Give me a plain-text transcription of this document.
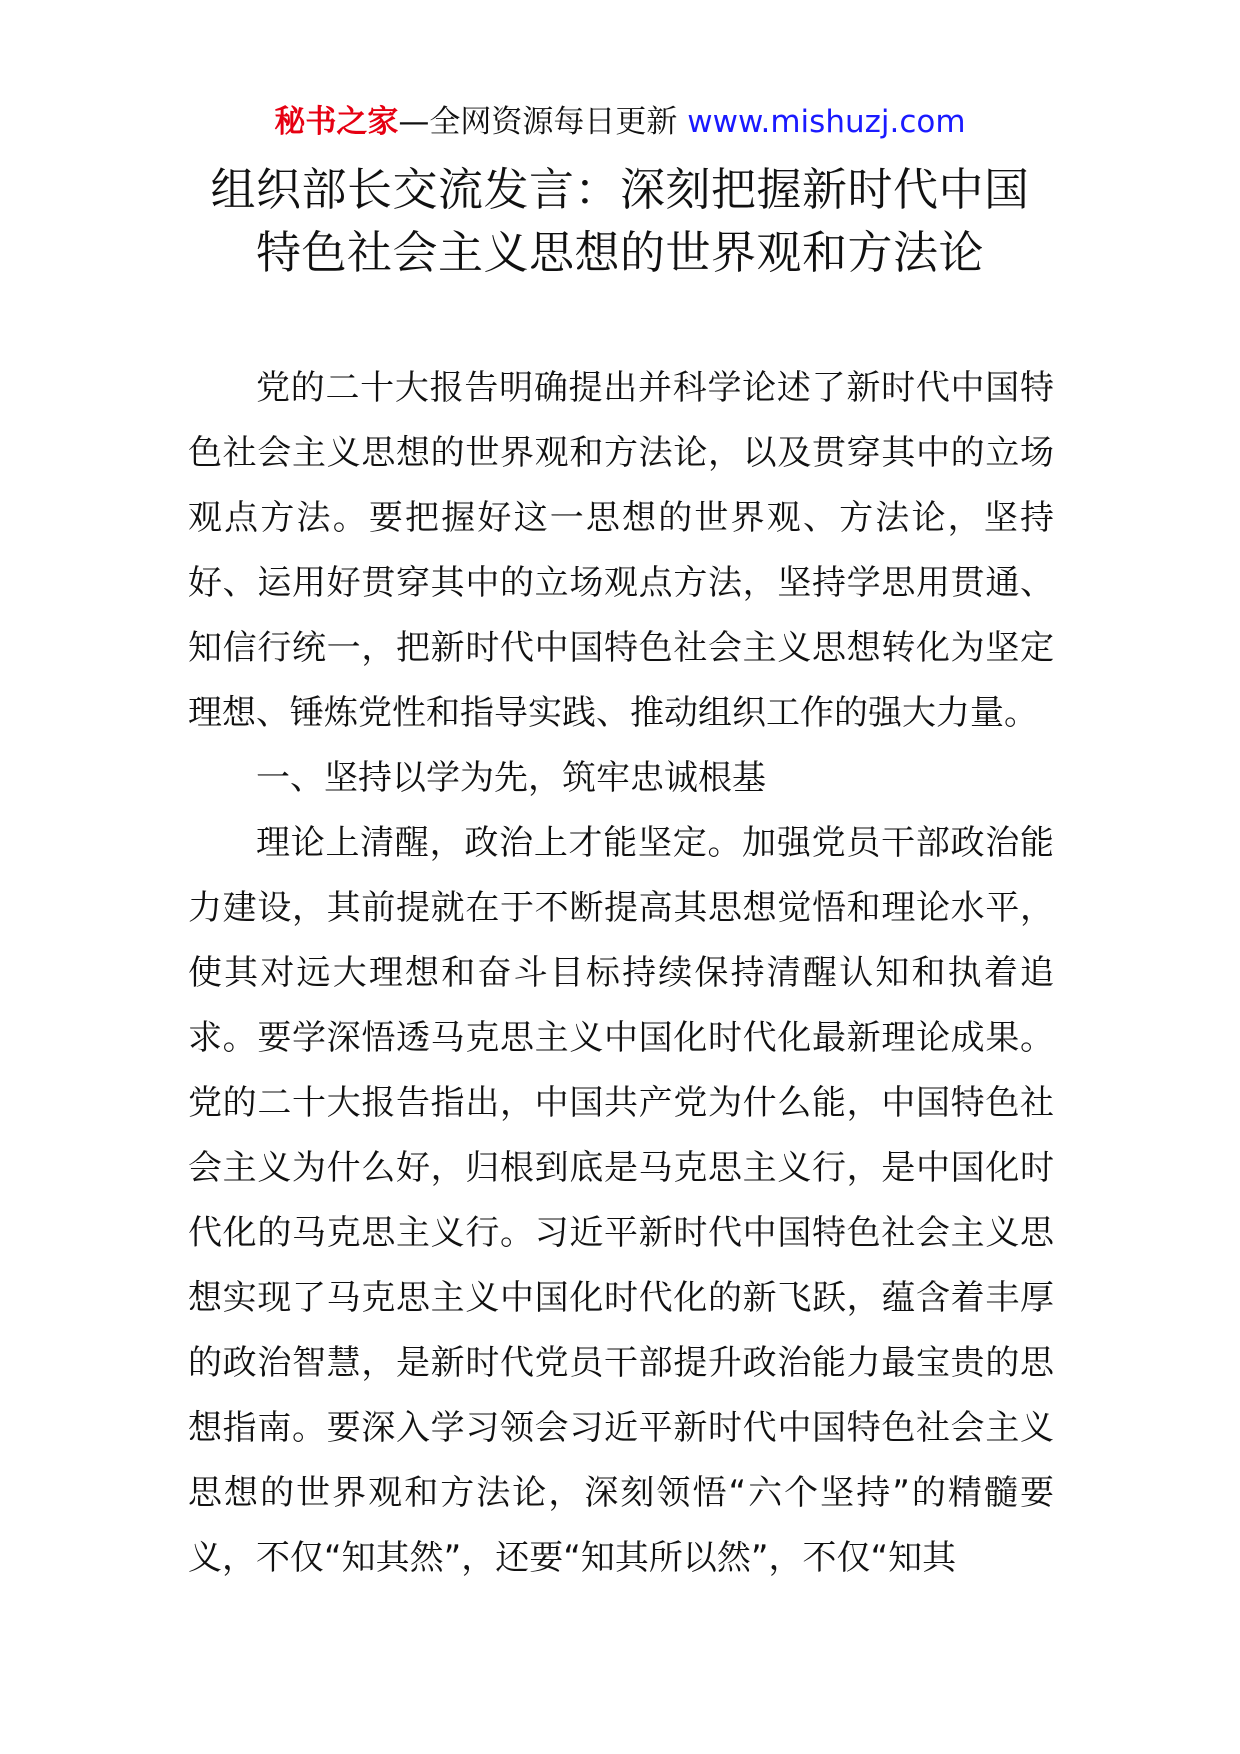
秘书之家—全网资源每日更新 www.mishuzj.com
组织部长交流发言：深刻把握新时代中国
特色社会主义思想的世界观和方法论

党的二十大报告明确提出并科学论述了新时代中国特色社会主义思想的世界观和方法论，以及贯穿其中的立场观点方法。要把握好这一思想的世界观、方法论，坚持好、运用好贯穿其中的立场观点方法，坚持学思用贯通、知信行统一，把新时代中国特色社会主义思想转化为坚定理想、锤炼党性和指导实践、推动组织工作的强大力量。

一、坚持以学为先，筑牢忠诚根基

理论上清醒，政治上才能坚定。加强党员干部政治能力建设，其前提就在于不断提高其思想觉悟和理论水平，使其对远大理想和奋斗目标持续保持清醒认知和执着追求。要学深悟透马克思主义中国化时代化最新理论成果。党的二十大报告指出，中国共产党为什么能，中国特色社会主义为什么好，归根到底是马克思主义行，是中国化时代化的马克思主义行。习近平新时代中国特色社会主义思想实现了马克思主义中国化时代化的新飞跃，蕴含着丰厚的政治智慧，是新时代党员干部提升政治能力最宝贵的思想指南。要深入学习领会习近平新时代中国特色社会主义思想的世界观和方法论，深刻领悟“六个坚持”的精髓要义，不仅“知其然”，还要“知其所以然”，不仅“知其
